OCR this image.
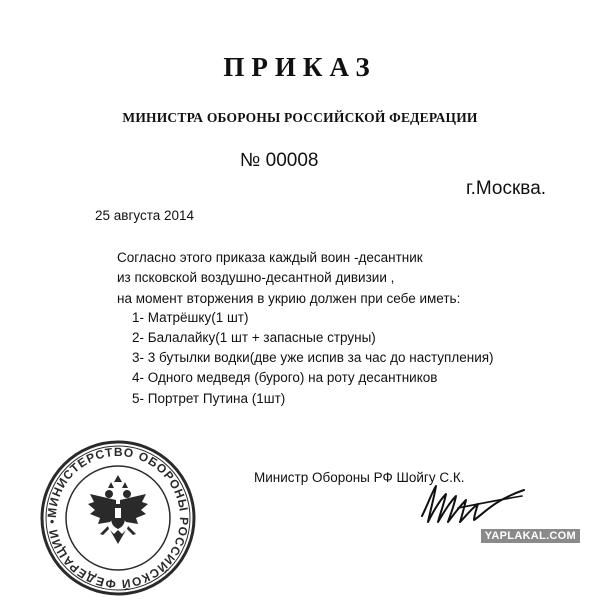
ПРИКАЗ
МИНИСТРА ОБОРОНЫ РОССИЙСКОЙ ФЕДЕРАЦИИ
№ 00008
г.Москва.
25 августа 2014
Согласно этого приказа каждый воин -десантник
из псковской воздушно-десантной дивизии ,
на момент вторжения в укрию должен при себе иметь:
1- Матрёшку(1 шт)
2- Балалайку(1 шт + запасные струны)
3- 3 бутылки водки(две уже испив за час до наступления)
4- Одного медведя (бурого) на роту десантников
5- Портрет Путина (1шт)
Министр Обороны РФ Шойгу С.К.
МИНИСТЕРСТВО ОБОРОНЫ РОССИЙСКОЙ ФЕДЕРАЦИИ •
YAPLAKAL.COM
